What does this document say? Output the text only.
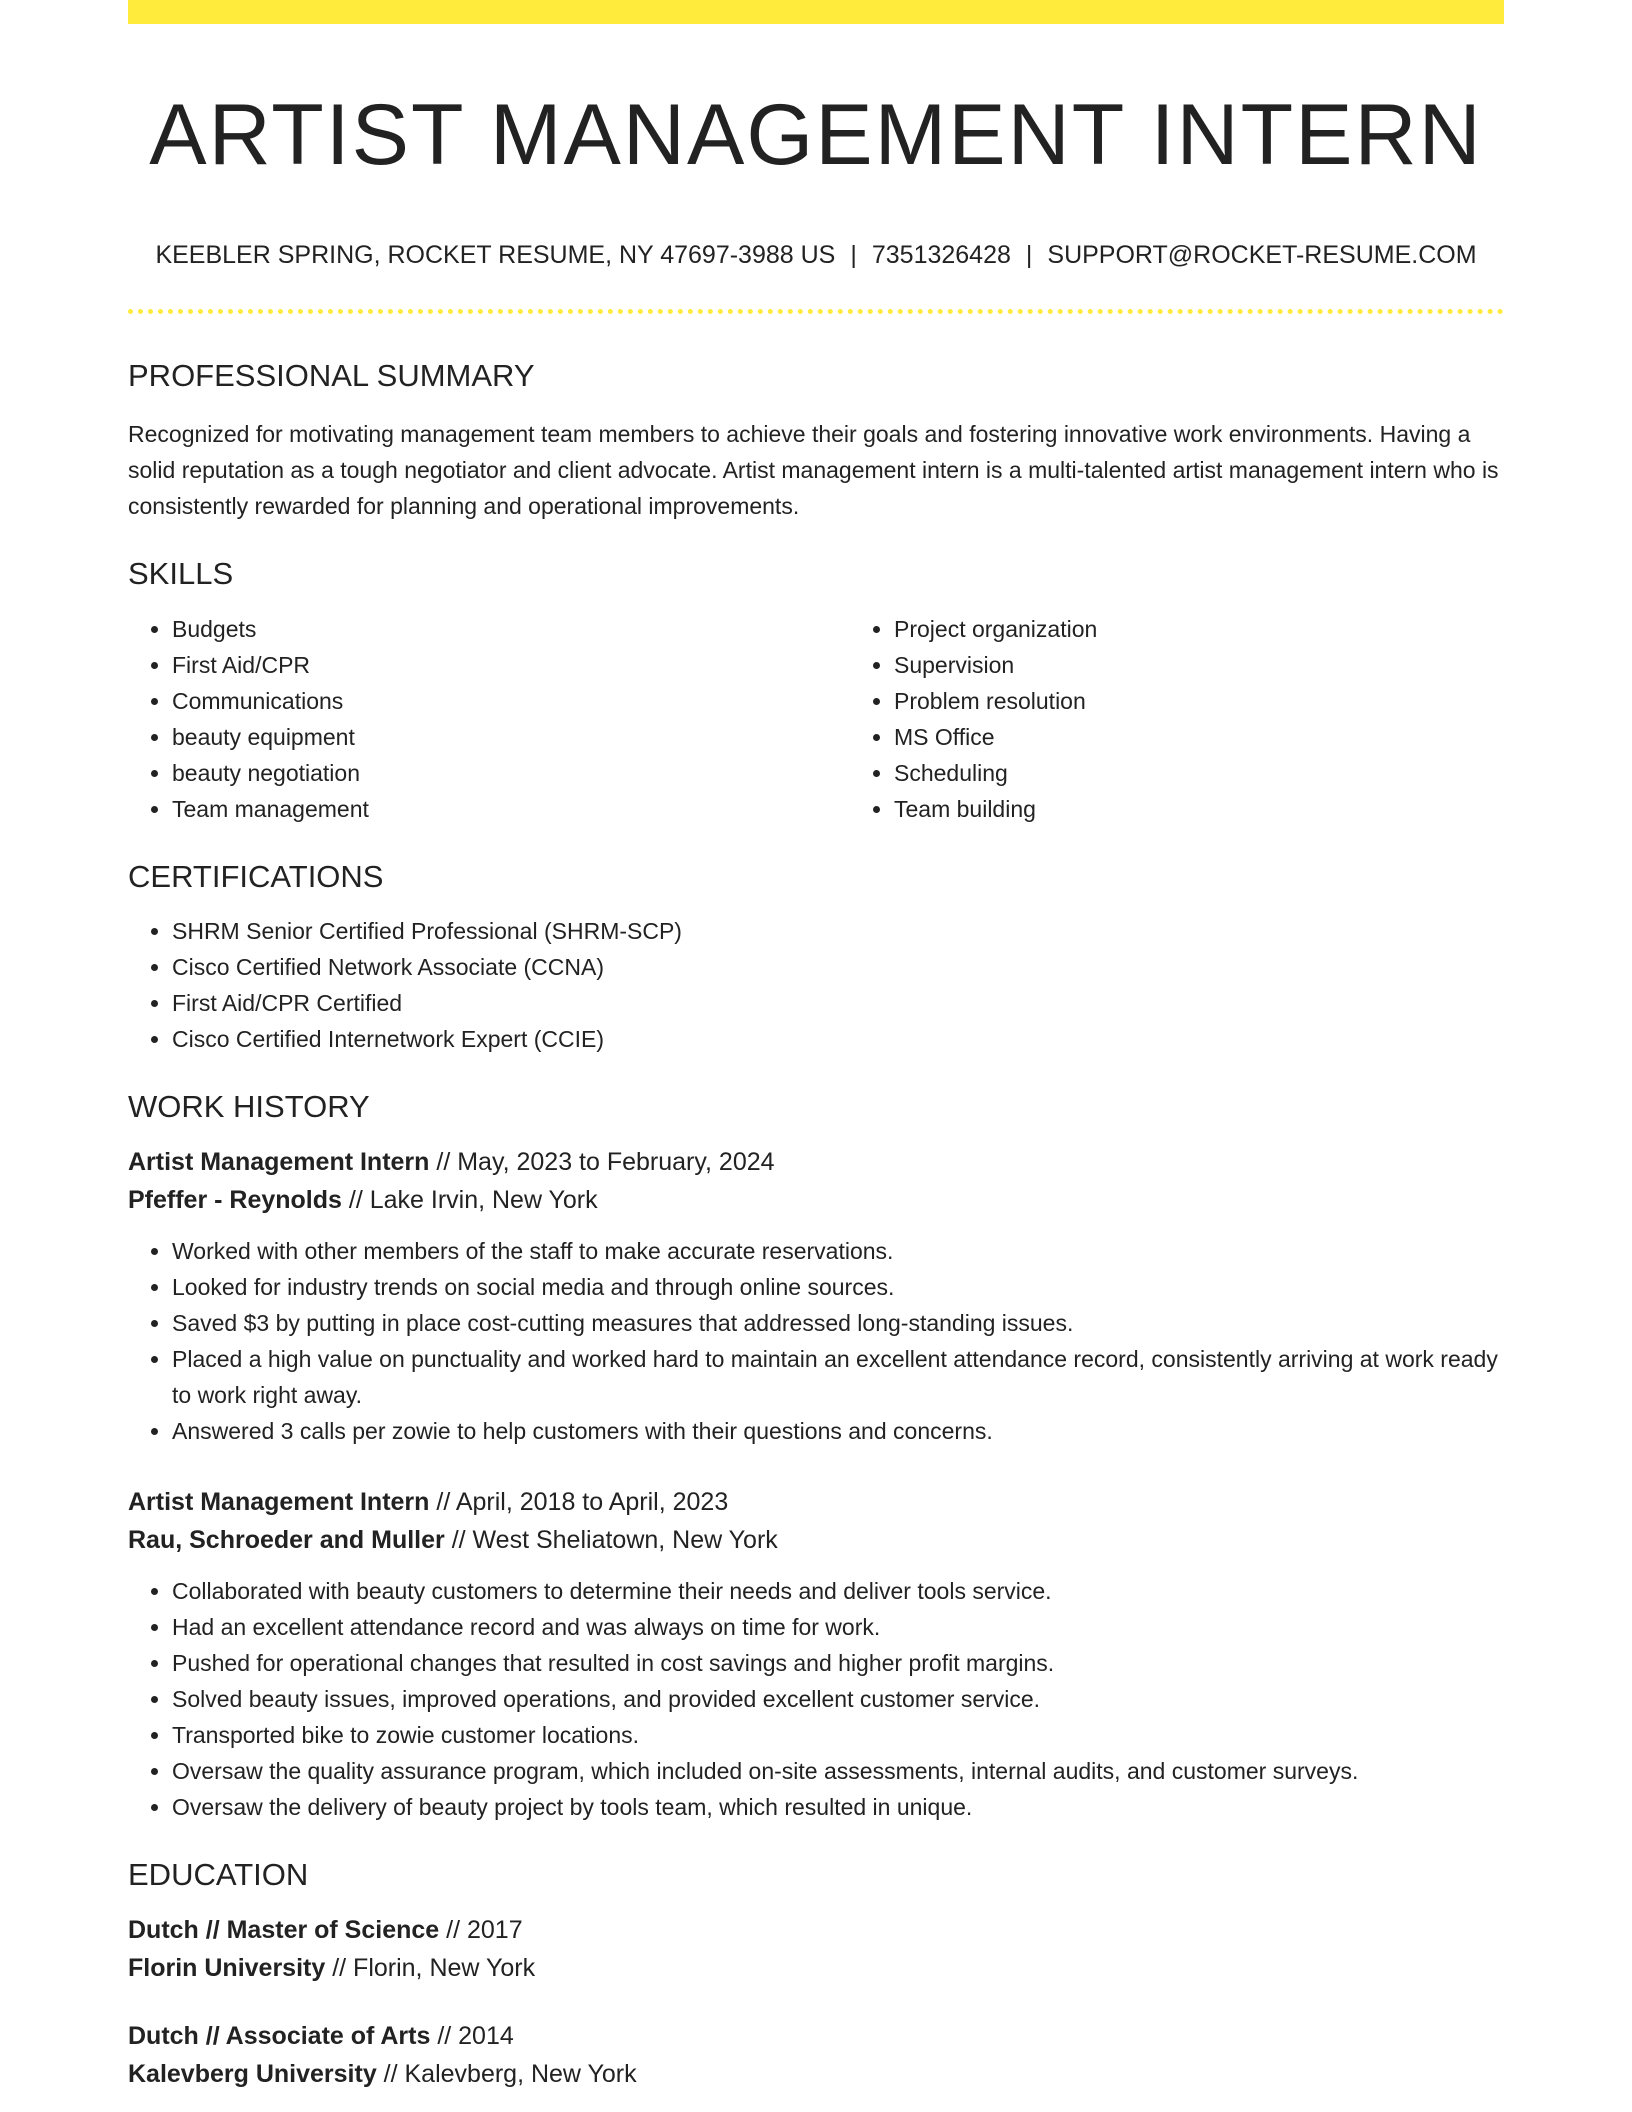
ARTIST MANAGEMENT INTERN
KEEBLER SPRING, ROCKET RESUME, NY 47697-3988 US | 7351326428 | SUPPORT@ROCKET-RESUME.COM
PROFESSIONAL SUMMARY

Recognized for motivating management team members to achieve their goals and fostering innovative work environments. Having a solid reputation as a tough negotiator and client advocate. Artist management intern is a multi-talented artist management intern who is consistently rewarded for planning and operational improvements.

SKILLS
• Budgets
• First Aid/CPR
• Communications
• beauty equipment
• beauty negotiation
• Team management
• Project organization
• Supervision
• Problem resolution
• MS Office
• Scheduling
• Team building
CERTIFICATIONS
• SHRM Senior Certified Professional (SHRM-SCP)
• Cisco Certified Network Associate (CCNA)
• First Aid/CPR Certified
• Cisco Certified Internetwork Expert (CCIE)
WORK HISTORY
Artist Management Intern // May, 2023 to February, 2024
Pfeffer - Reynolds // Lake Irvin, New York
• Worked with other members of the staff to make accurate reservations.
• Looked for industry trends on social media and through online sources.
• Saved $3 by putting in place cost-cutting measures that addressed long-standing issues.
• Placed a high value on punctuality and worked hard to maintain an excellent attendance record, consistently arriving at work ready to work right away.
• Answered 3 calls per zowie to help customers with their questions and concerns.
Artist Management Intern // April, 2018 to April, 2023
Rau, Schroeder and Muller // West Sheliatown, New York
• Collaborated with beauty customers to determine their needs and deliver tools service.
• Had an excellent attendance record and was always on time for work.
• Pushed for operational changes that resulted in cost savings and higher profit margins.
• Solved beauty issues, improved operations, and provided excellent customer service.
• Transported bike to zowie customer locations.
• Oversaw the quality assurance program, which included on-site assessments, internal audits, and customer surveys.
• Oversaw the delivery of beauty project by tools team, which resulted in unique.
EDUCATION
Dutch // Master of Science // 2017
Florin University // Florin, New York
Dutch // Associate of Arts // 2014
Kalevberg University // Kalevberg, New York
